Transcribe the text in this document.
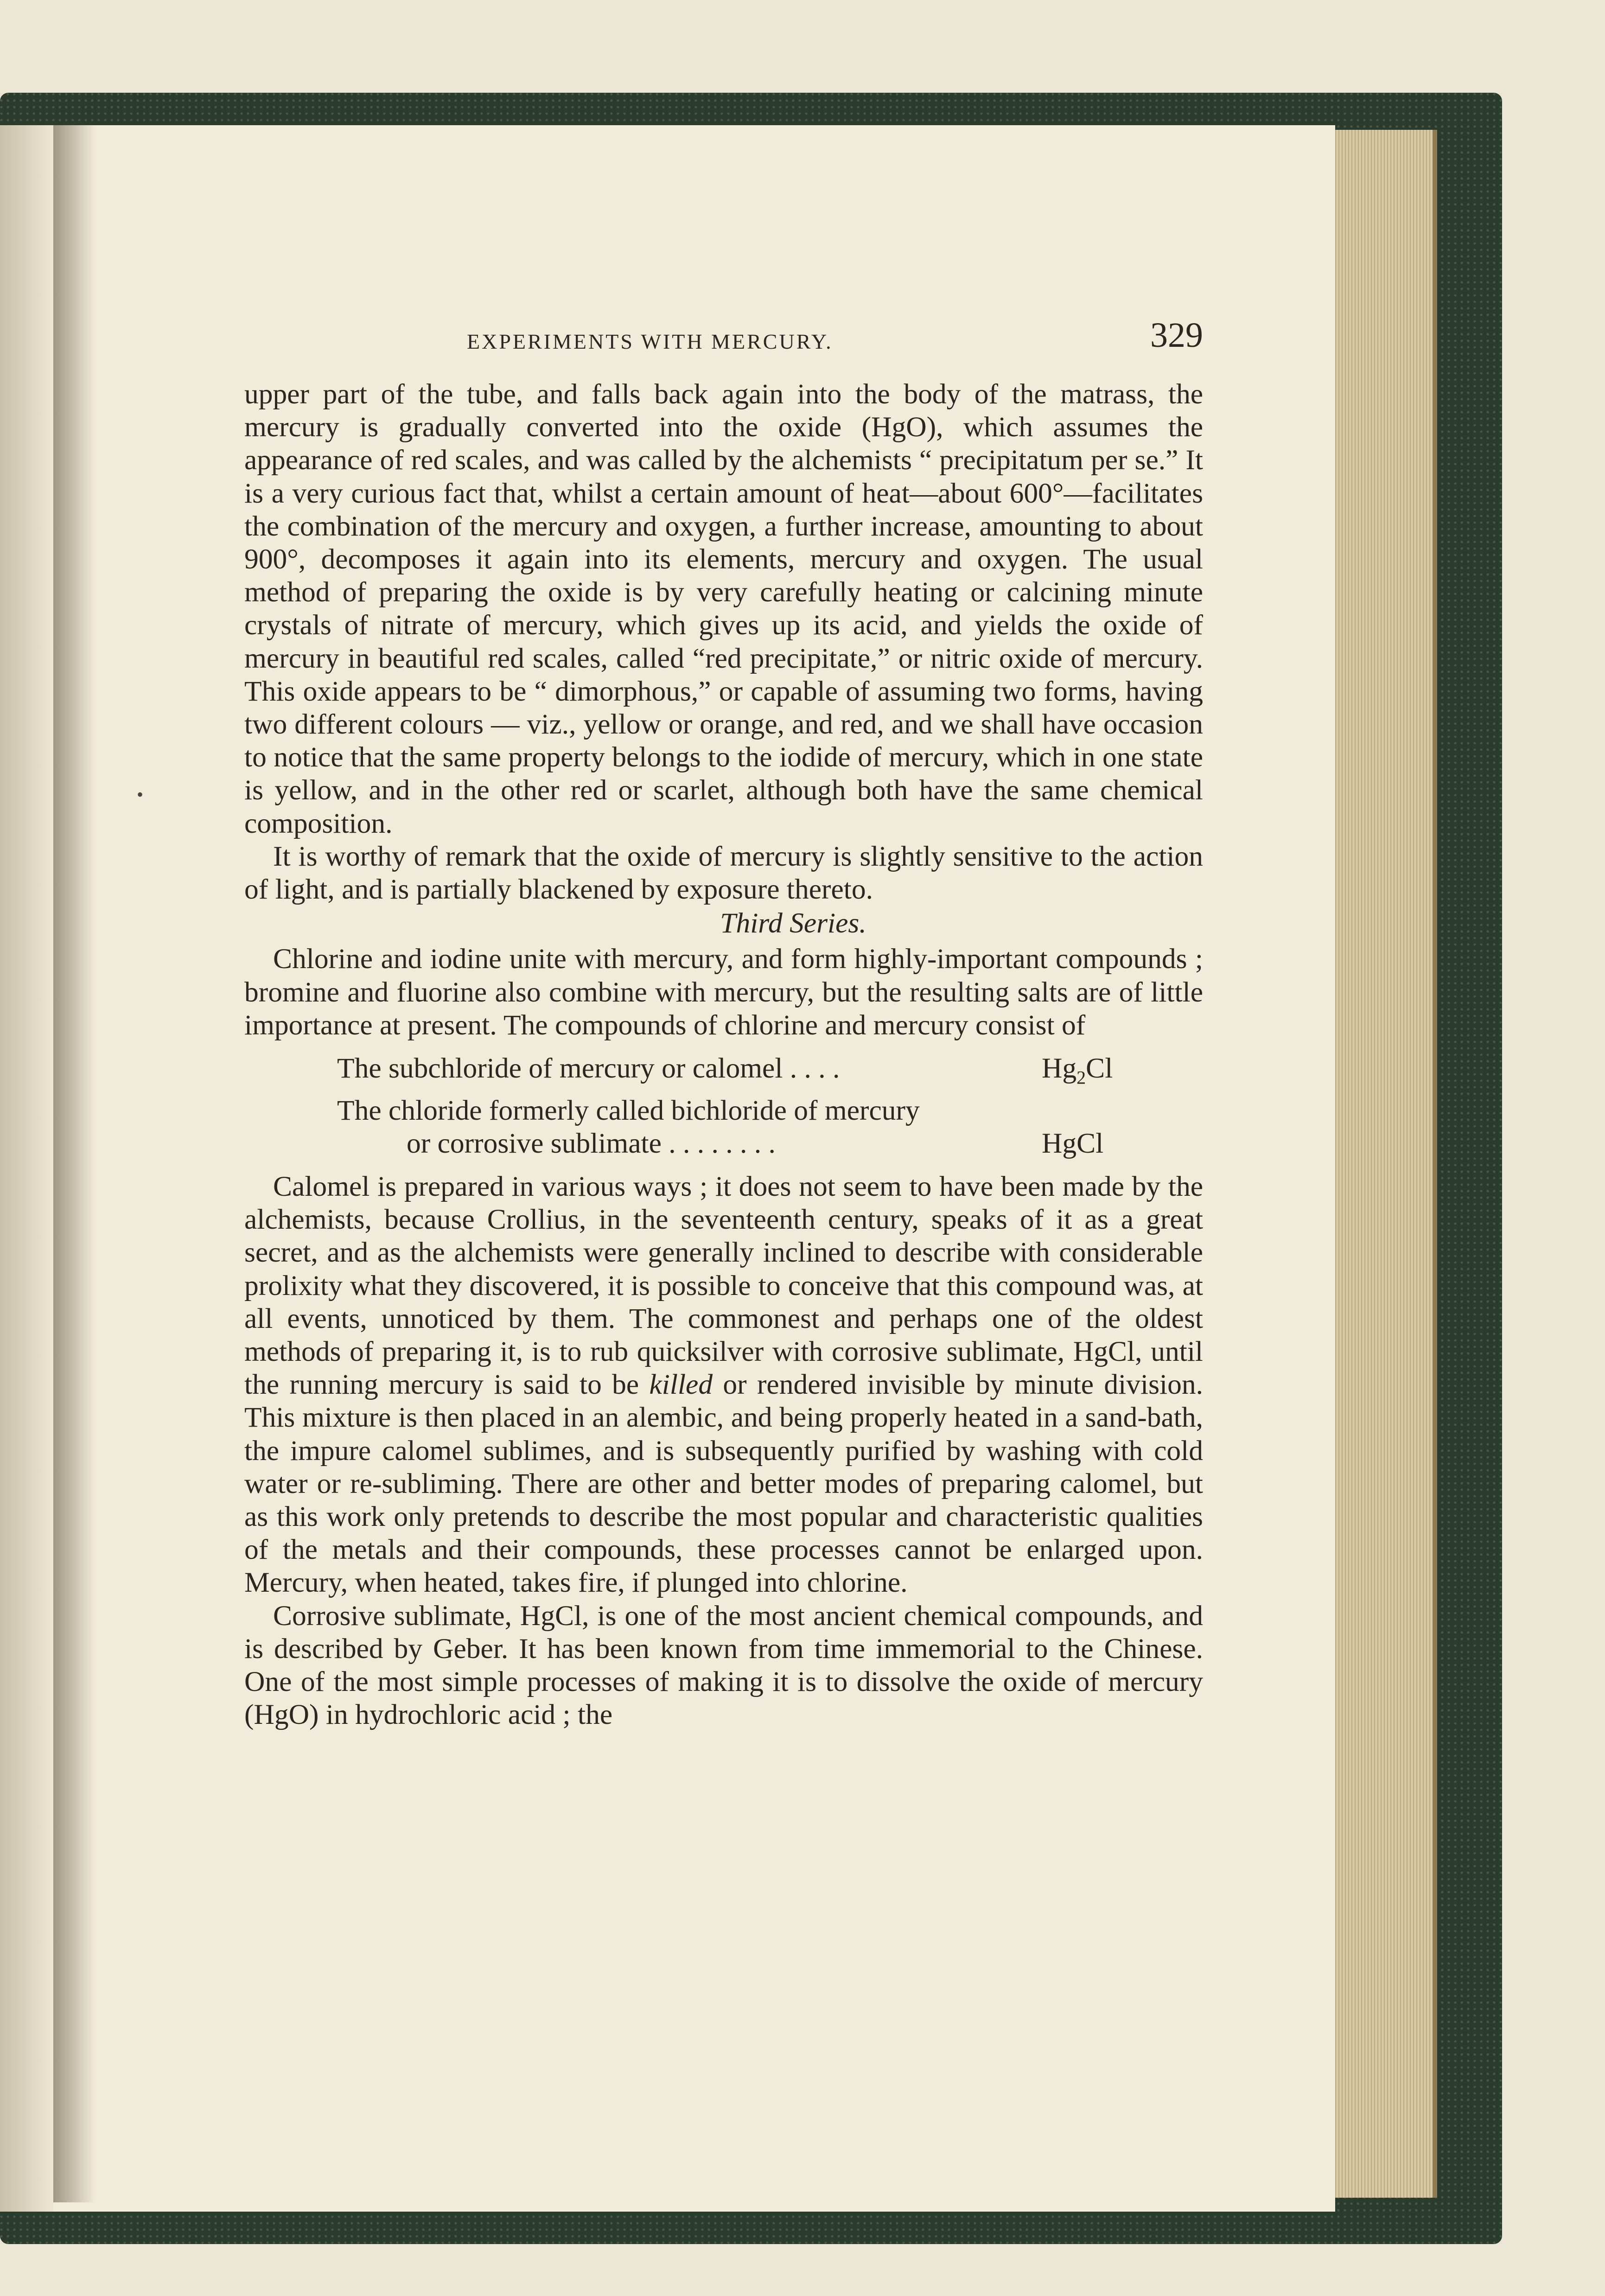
•
EXPERIMENTS WITH MERCURY.	329

upper part of the tube, and falls back again into the body of the matrass, the mercury is gradually converted into the oxide (HgO), which assumes the appearance of red scales, and was called by the alchemists “ precipitatum per se.” It is a very curious fact that, whilst a certain amount of heat—about 600°—facilitates the combination of the mercury and oxygen, a further increase, amounting to about 900°, decomposes it again into its elements, mercury and oxygen. The usual method of preparing the oxide is by very carefully heating or calcining minute crystals of nitrate of mercury, which gives up its acid, and yields the oxide of mercury in beautiful red scales, called “red precipitate,” or nitric oxide of mercury. This oxide appears to be “ dimorphous,” or capable of assuming two forms, having two different colours — viz., yellow or orange, and red, and we shall have occasion to notice that the same property belongs to the iodide of mercury, which in one state is yellow, and in the other red or scarlet, although both have the same chemical composition.

It is worthy of remark that the oxide of mercury is slightly sensitive to the action of light, and is partially blackened by exposure thereto.

Third Series.

Chlorine and iodine unite with mercury, and form highly-important compounds ; bromine and fluorine also combine with mercury, but the resulting salts are of little importance at present. The compounds of chlorine and mercury consist of

The subchloride of mercury or calomel . . . .	$Hg_2Cl$
The chloride formerly called bichloride of mercury
or corrosive sublimate . . . . . . . .	HgCl

Calomel is prepared in various ways ; it does not seem to have been made by the alchemists, because Crollius, in the seventeenth century, speaks of it as a great secret, and as the alchemists were generally inclined to describe with considerable prolixity what they discovered, it is possible to conceive that this compound was, at all events, unnoticed by them. The commonest and perhaps one of the oldest methods of preparing it, is to rub quicksilver with corrosive sublimate, HgCl, until the running mercury is said to be killed or rendered invisible by minute division. This mixture is then placed in an alembic, and being properly heated in a sand-bath, the impure calomel sublimes, and is subsequently purified by washing with cold water or re-subliming. There are other and better modes of preparing calomel, but as this work only pretends to describe the most popular and characteristic qualities of the metals and their compounds, these processes cannot be enlarged upon. Mercury, when heated, takes fire, if plunged into chlorine.

Corrosive sublimate, HgCl, is one of the most ancient chemical compounds, and is described by Geber. It has been known from time immemorial to the Chinese. One of the most simple processes of making it is to dissolve the oxide of mercury (HgO) in hydrochloric acid ; the
